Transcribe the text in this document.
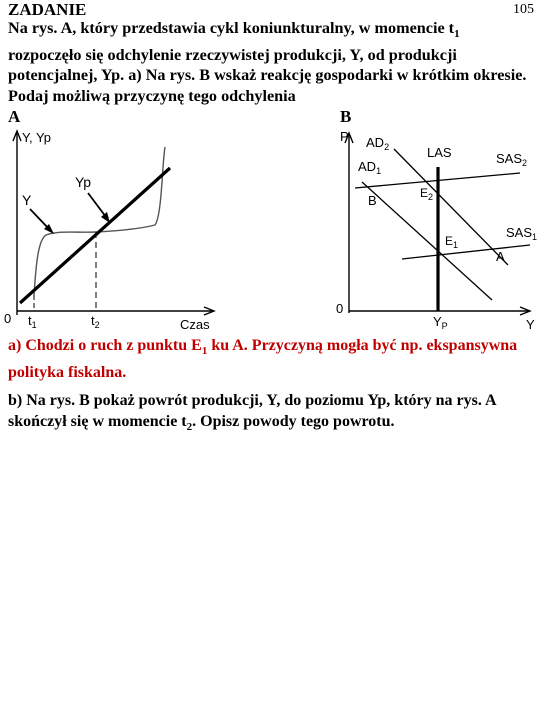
105
ZADANIE
Na rys. A, który przedstawia cykl koniunkturalny, w momencie $t_1$ rozpoczęło się odchylenie rzeczywistej produkcji, Y, od produkcji potencjalnej, Yp. a) Na rys. B wskaż reakcję gospodarki w krótkim okresie. Podaj możliwą przyczynę tego odchylenia
A	B
Y, Yp
Y
Yp
0 $t_1$	$t_2$	Czas
$AD_2$
$AD_1$
LAS	$SAS_2$
$SAS_1$
$E_2$
$E_1$
B
A
0
$Y_P$	Y
P
a) Chodzi o ruch z punktu $E_1$ ku A. Przyczyną mogła być np. ekspansywna polityka fiskalna.
b) Na rys. B pokaż powrót produkcji, Y, do poziomu Yp, który na rys. A skończył się w momencie $t_2$. Opisz powody tego powrotu.
